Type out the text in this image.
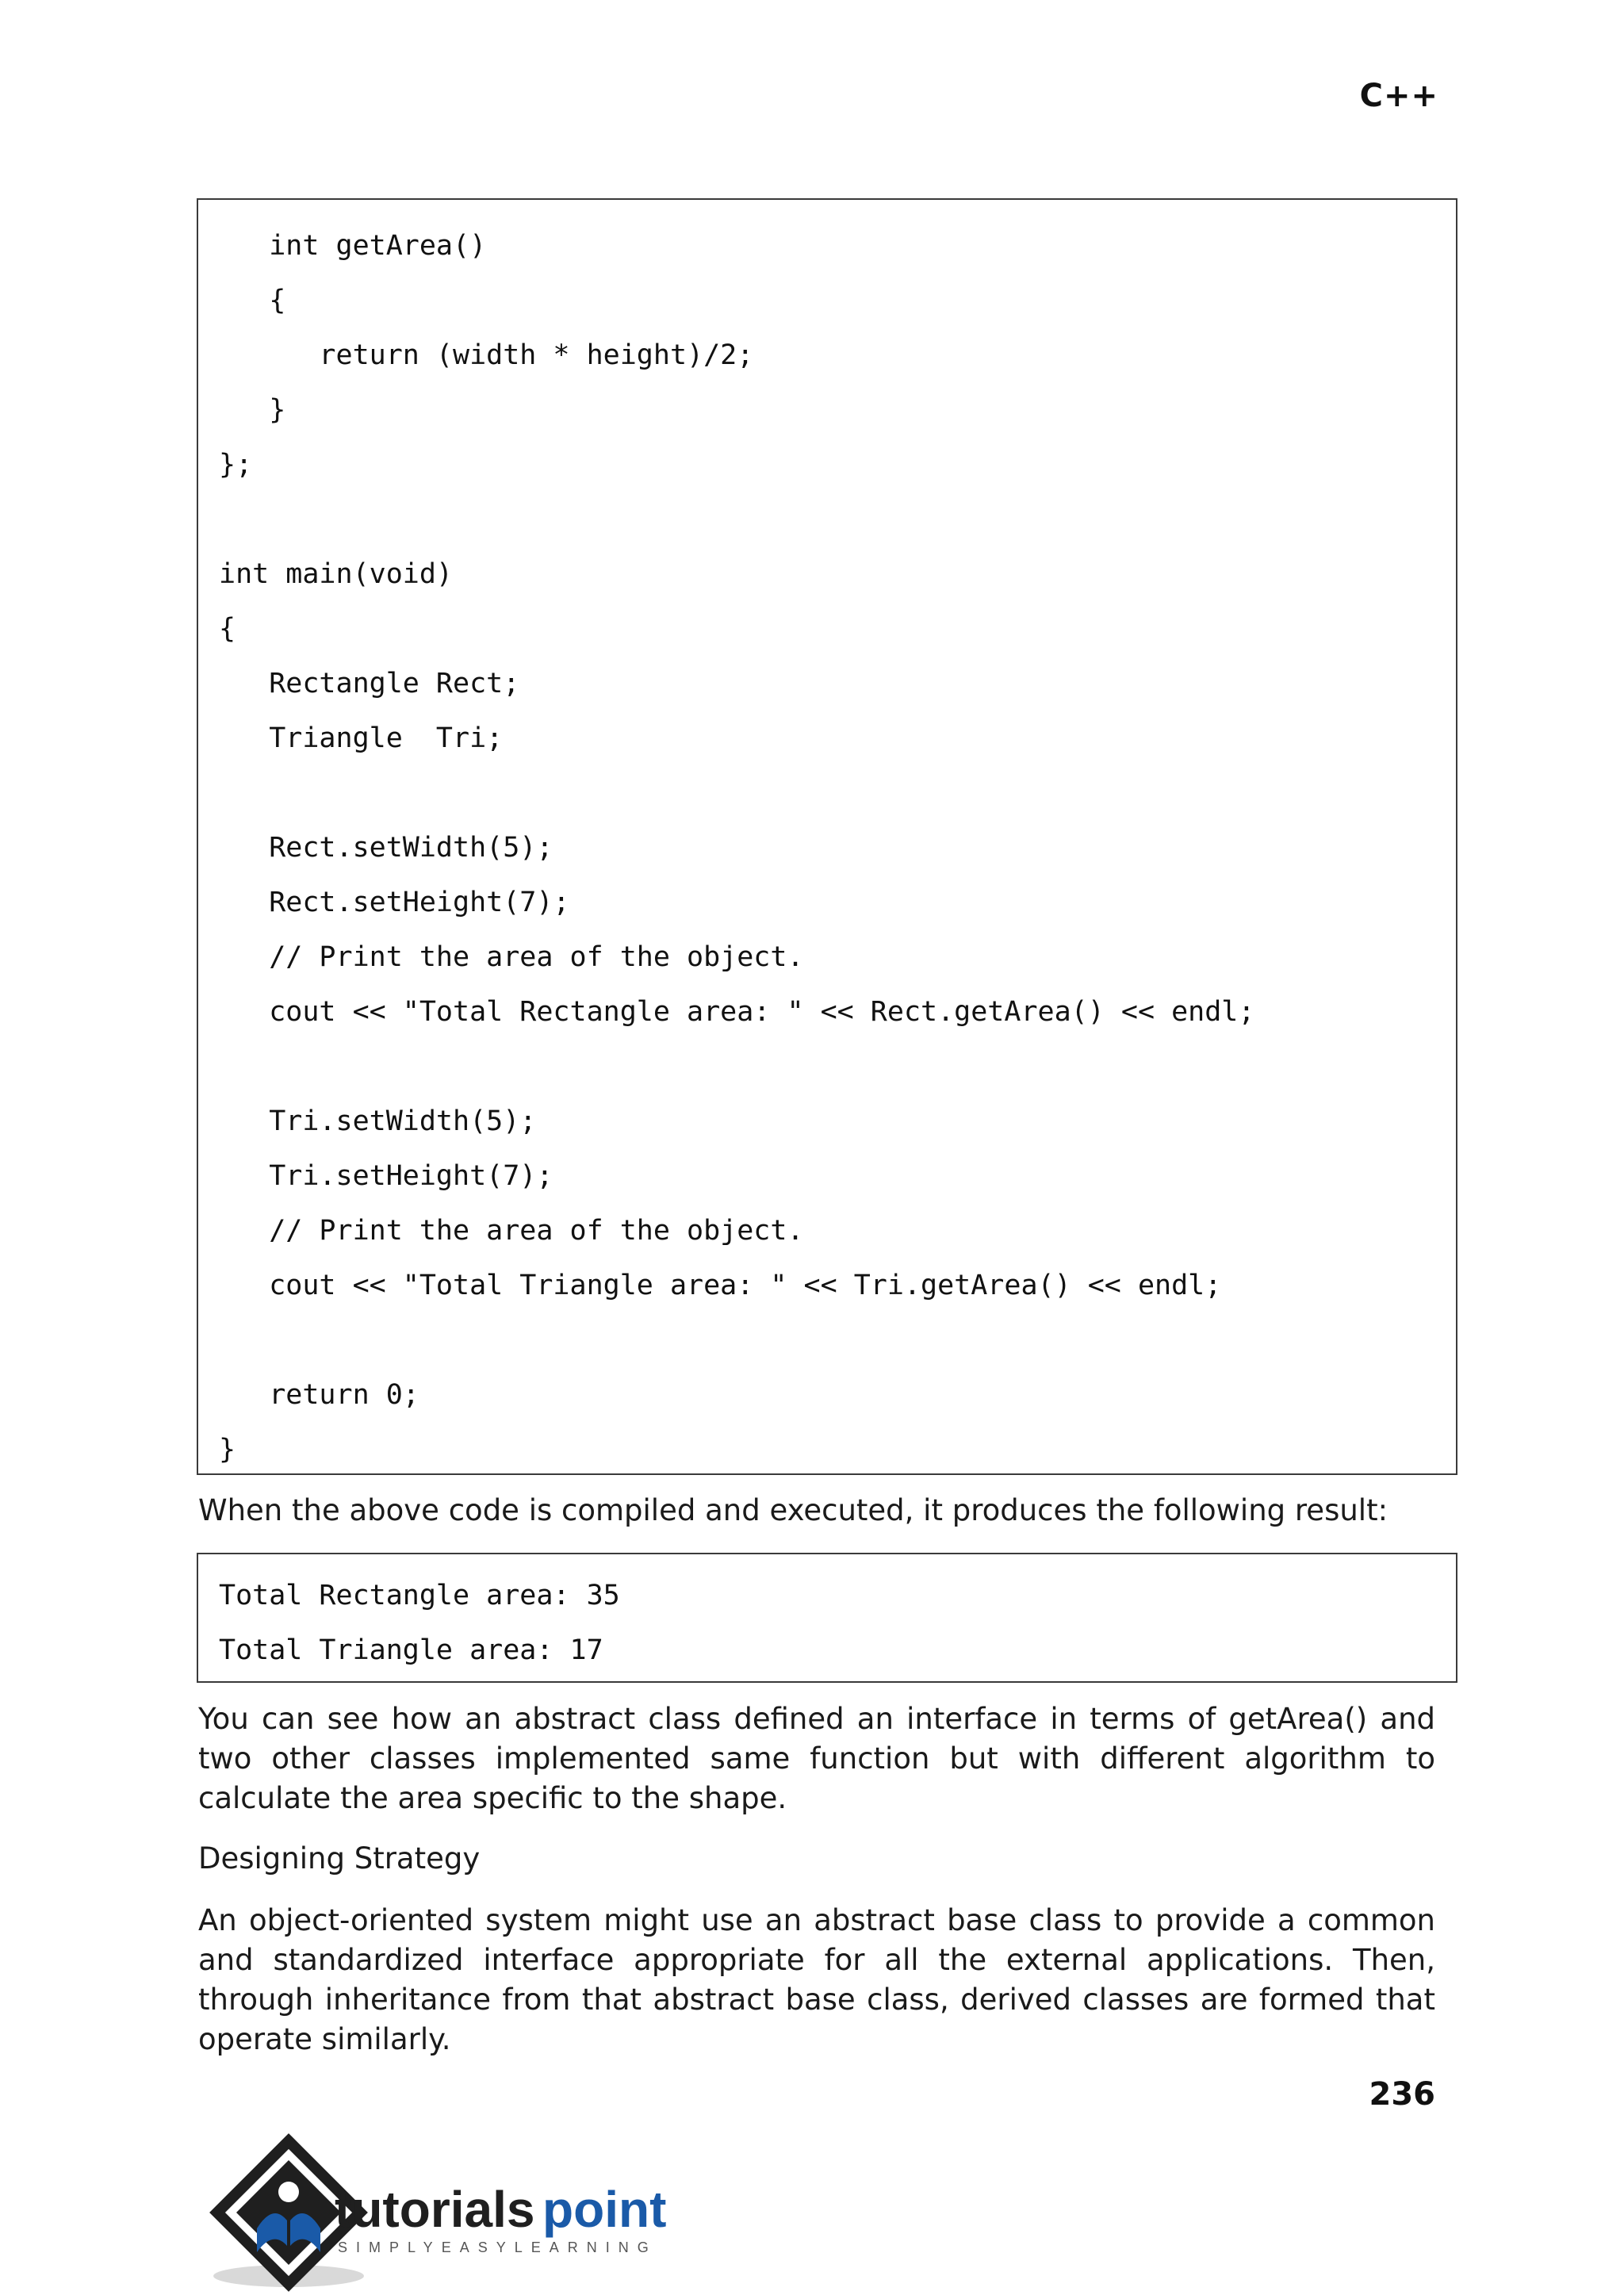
C++
int getArea()
{
return (width * height)/2;
}
};
int main(void)
{
Rectangle Rect;
Triangle  Tri;
Rect.setWidth(5);
Rect.setHeight(7);
// Print the area of the object.
cout << "Total Rectangle area: " << Rect.getArea() << endl;
Tri.setWidth(5);
Tri.setHeight(7);
// Print the area of the object.
cout << "Total Triangle area: " << Tri.getArea() << endl;
return 0;
}
When the above code is compiled and executed, it produces the following result:
Total Rectangle area: 35
Total Triangle area: 17
You can see how an abstract class defined an interface in terms of getArea() and two other classes implemented same function but with different algorithm to calculate the area specific to the shape.
Designing Strategy
An object-oriented system might use an abstract base class to provide a common and standardized interface appropriate for all the external applications. Then, through inheritance from that abstract base class, derived classes are formed that operate similarly.
236
tutorials point
SIMPLYEASYLEARNING
